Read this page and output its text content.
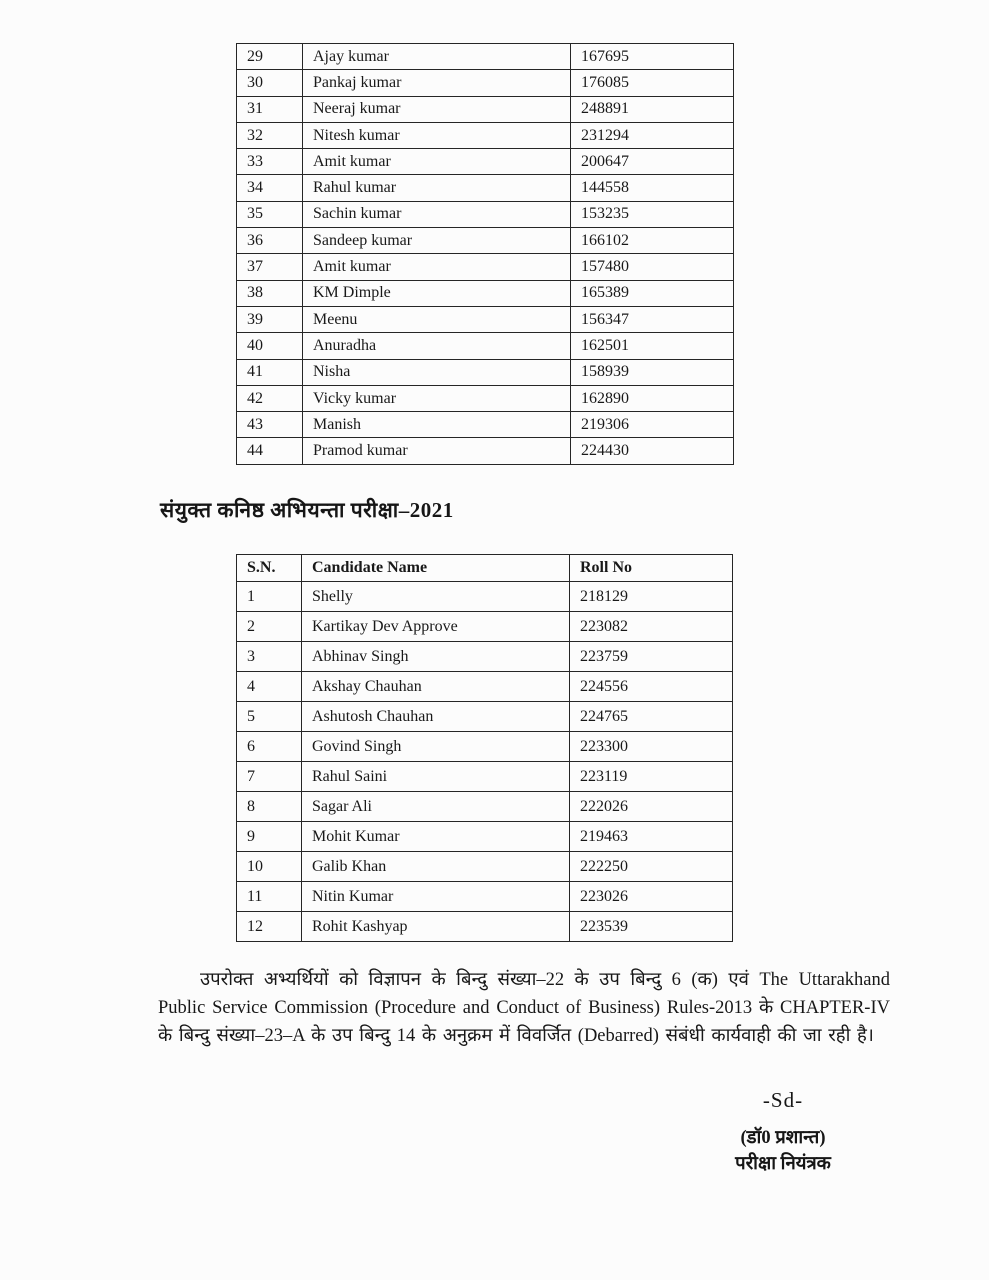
29	Ajay kumar	167695
30	Pankaj kumar	176085
31	Neeraj kumar	248891
32	Nitesh kumar	231294
33	Amit kumar	200647
34	Rahul kumar	144558
35	Sachin kumar	153235
36	Sandeep kumar	166102
37	Amit kumar	157480
38	KM Dimple	165389
39	Meenu	156347
40	Anuradha	162501
41	Nisha	158939
42	Vicky kumar	162890
43	Manish	219306
44	Pramod kumar	224430
संयुक्त कनिष्ठ अभियन्ता परीक्षा–2021
S.N.	Candidate Name	Roll No
1	Shelly	218129
2	Kartikay Dev Approve	223082
3	Abhinav Singh	223759
4	Akshay Chauhan	224556
5	Ashutosh Chauhan	224765
6	Govind Singh	223300
7	Rahul Saini	223119
8	Sagar Ali	222026
9	Mohit Kumar	219463
10	Galib Khan	222250
11	Nitin Kumar	223026
12	Rohit Kashyap	223539
उपरोक्त अभ्यर्थियों को विज्ञापन के बिन्दु संख्या–22 के उप बिन्दु 6 (क) एवं The Uttarakhand Public Service Commission (Procedure and Conduct of Business) Rules-2013 के CHAPTER-IV के बिन्दु संख्या–23–A के उप बिन्दु 14 के अनुक्रम में विवर्जित (Debarred) संबंधी कार्यवाही की जा रही है।
-Sd-
(डॉ0 प्रशान्त)
परीक्षा नियंत्रक
